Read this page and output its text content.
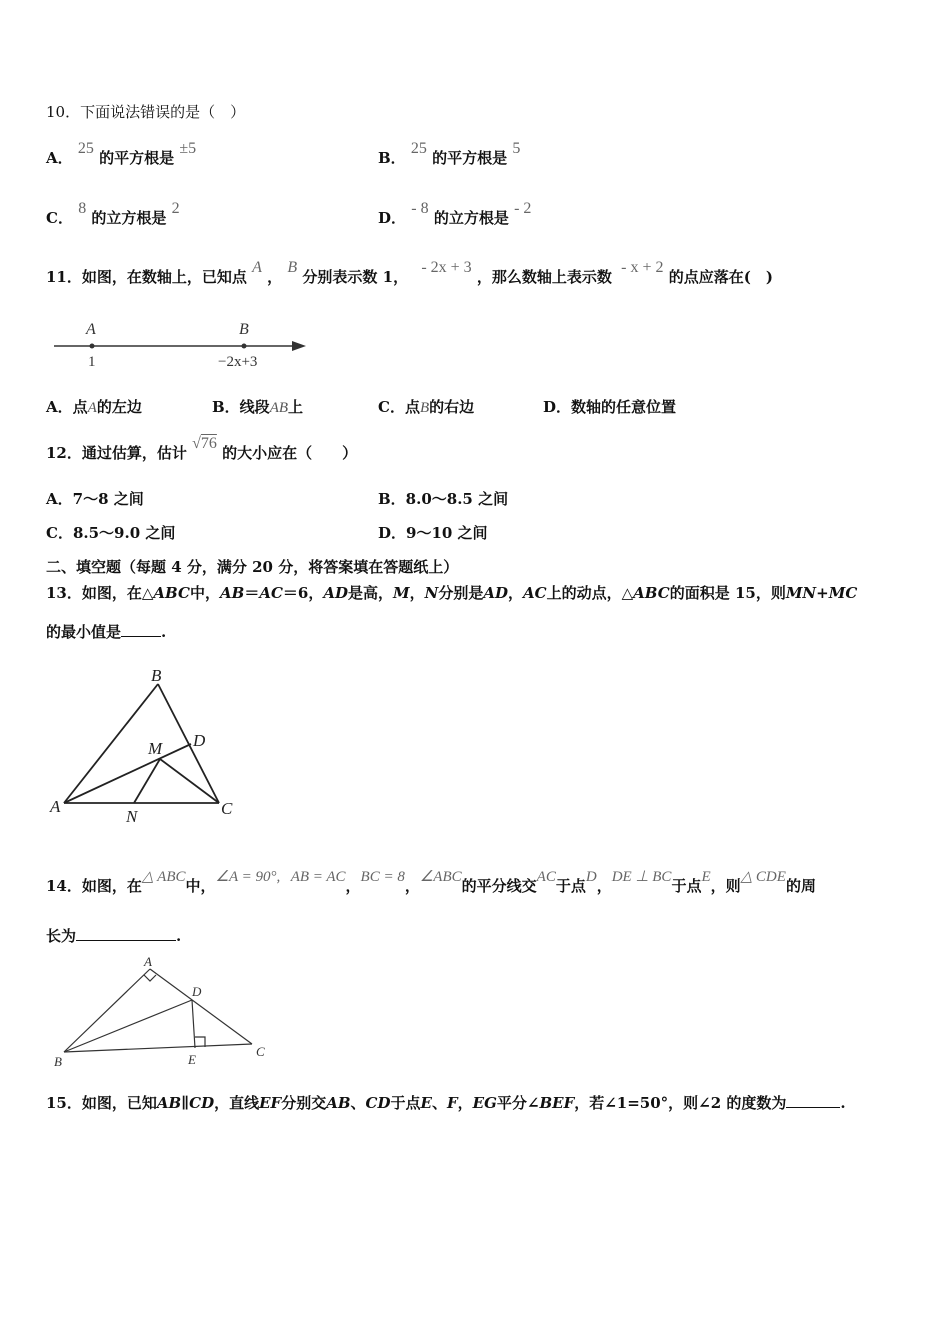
10．下面说法错误的是（　）
A． 25 的平方根是 ±5
B． 25 的平方根是 5
C． 8 的立方根是 2
D． - 8 的立方根是 - 2
11．如图，在数轴上，已知点 A ， B 分别表示数 1， - 2x + 3 ，那么数轴上表示数 - x + 2 的点应落在(　)
A	B
1	−2x+3
A．点A的左边	B．线段AB上	C．点B的右边	D．数轴的任意位置
12．通过估算，估计 √76 的大小应在（　　）
A．7～8 之间	B．8.0～8.5 之间
C．8.5～9.0 之间	D．9～10 之间
二、填空题（每题 4 分，满分 20 分，将答案填在答题纸上）
13．如图，在△ABC中，AB＝AC＝6，AD是高，M，N分别是AD，AC上的动点，△ABC的面积是 15，则MN+MC
的最小值是	.
B
D
M
A
N	C
14．如图，在△ ABC中，∠A = 90°, AB = AC，BC = 8，∠ABC的平分线交AC于点D，DE ⊥ BC于点E，则△ CDE的周
长为	.
A
D
B	E
C
15．如图，已知AB∥CD，直线EF分别交AB、CD于点E、F，EG平分∠BEF，若∠1=50°，则∠2 的度数为	.
